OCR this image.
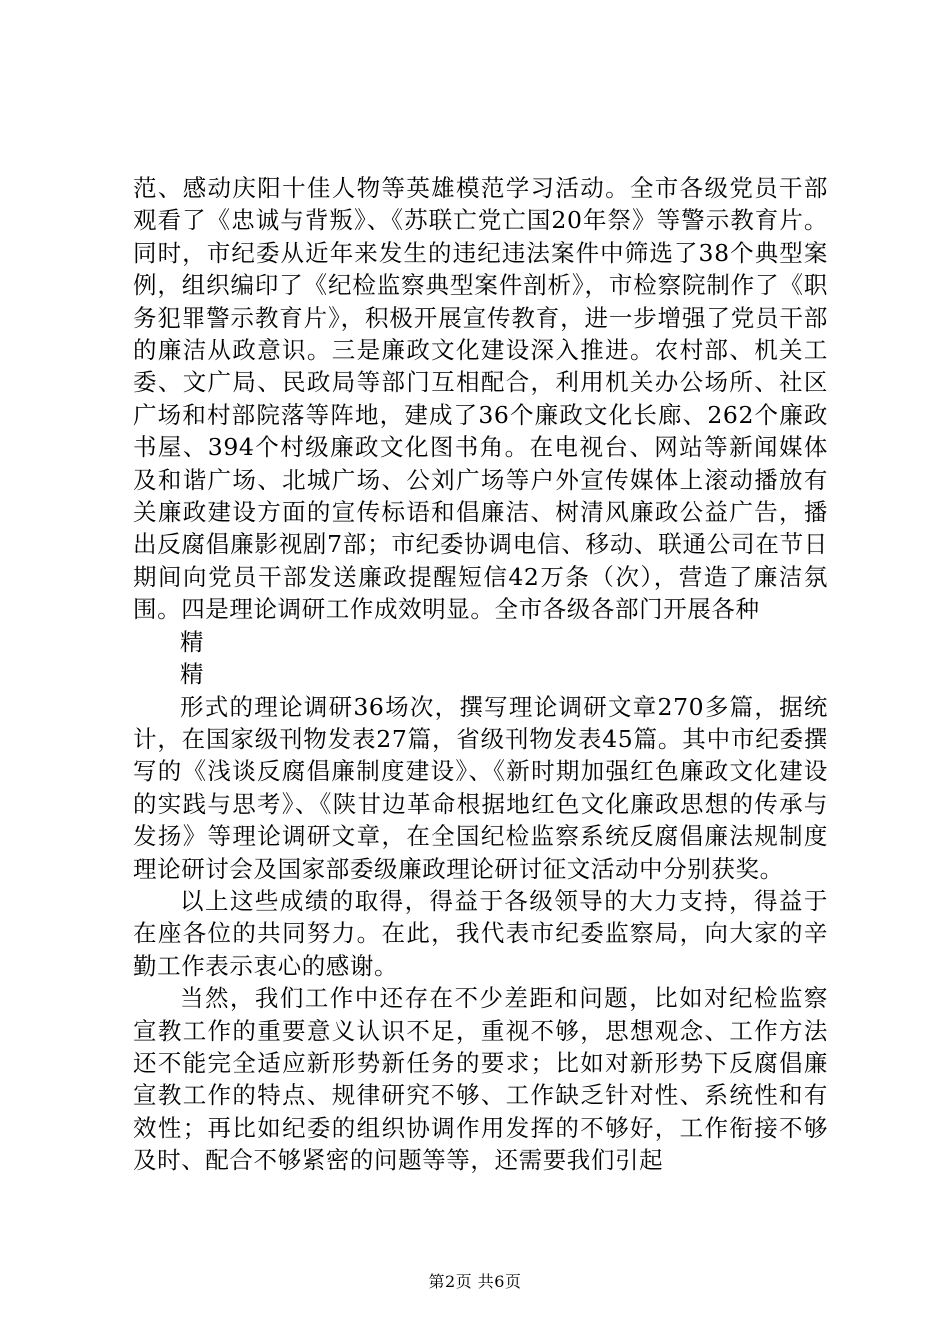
范、感动庆阳十佳人物等英雄模范学习活动。全市各级党员干部观看了《忠诚与背叛》、《苏联亡党亡国20年祭》等警示教育片。同时，市纪委从近年来发生的违纪违法案件中筛选了38个典型案例，组织编印了《纪检监察典型案件剖析》，市检察院制作了《职务犯罪警示教育片》，积极开展宣传教育，进一步增强了党员干部的廉洁从政意识。三是廉政文化建设深入推进。农村部、机关工委、文广局、民政局等部门互相配合，利用机关办公场所、社区广场和村部院落等阵地，建成了36个廉政文化长廊、262个廉政书屋、394个村级廉政文化图书角。在电视台、网站等新闻媒体及和谐广场、北城广场、公刘广场等户外宣传媒体上滚动播放有关廉政建设方面的宣传标语和倡廉洁、树清风廉政公益广告，播出反腐倡廉影视剧7部；市纪委协调电信、移动、联通公司在节日期间向党员干部发送廉政提醒短信42万条（次），营造了廉洁氛围。四是理论调研工作成效明显。全市各级各部门开展各种

精

精

形式的理论调研36场次，撰写理论调研文章270多篇，据统计，在国家级刊物发表27篇，省级刊物发表45篇。其中市纪委撰写的《浅谈反腐倡廉制度建设》、《新时期加强红色廉政文化建设的实践与思考》、《陕甘边革命根据地红色文化廉政思想的传承与发扬》等理论调研文章，在全国纪检监察系统反腐倡廉法规制度理论研讨会及国家部委级廉政理论研讨征文活动中分别获奖。

以上这些成绩的取得，得益于各级领导的大力支持，得益于在座各位的共同努力。在此，我代表市纪委监察局，向大家的辛勤工作表示衷心的感谢。

当然，我们工作中还存在不少差距和问题，比如对纪检监察宣教工作的重要意义认识不足，重视不够，思想观念、工作方法还不能完全适应新形势新任务的要求；比如对新形势下反腐倡廉宣教工作的特点、规律研究不够、工作缺乏针对性、系统性和有效性；再比如纪委的组织协调作用发挥的不够好，工作衔接不够及时、配合不够紧密的问题等等，还需要我们引起

第2页 共6页
